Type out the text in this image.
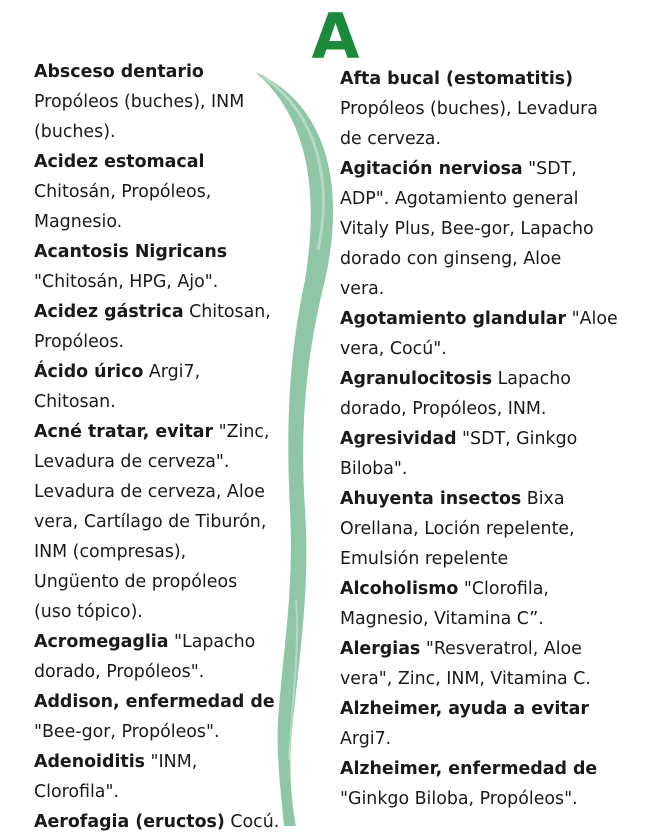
A
Absceso dentario
Propóleos (buches), INM
(buches).
Acidez estomacal
Chitosán, Propóleos,
Magnesio.
Acantosis Nigricans
"Chitosán, HPG, Ajo".
Acidez gástrica Chitosan,
Propóleos.
Ácido úrico Argi7,
Chitosan.
Acné tratar, evitar "Zinc,
Levadura de cerveza".
Levadura de cerveza, Aloe
vera, Cartílago de Tiburón,
INM (compresas),
Ungüento de propóleos
(uso tópico).
Acromegaglia "Lapacho
dorado, Propóleos".
Addison, enfermedad de
"Bee-gor, Propóleos".
Adenoiditis "INM,
Clorofila".
Aerofagia (eructos) Cocú.
Afta bucal (estomatitis)
Propóleos (buches), Levadura
de cerveza.
Agitación nerviosa "SDT,
ADP". Agotamiento general
Vitaly Plus, Bee-gor, Lapacho
dorado con ginseng, Aloe
vera.
Agotamiento glandular "Aloe
vera, Cocú".
Agranulocitosis Lapacho
dorado, Propóleos, INM.
Agresividad "SDT, Ginkgo
Biloba".
Ahuyenta insectos Bixa
Orellana, Loción repelente,
Emulsión repelente
Alcoholismo "Clorofila,
Magnesio, Vitamina C”.
Alergias "Resveratrol, Aloe
vera", Zinc, INM, Vitamina C.
Alzheimer, ayuda a evitar
Argi7.
Alzheimer, enfermedad de
"Ginkgo Biloba, Propóleos".
